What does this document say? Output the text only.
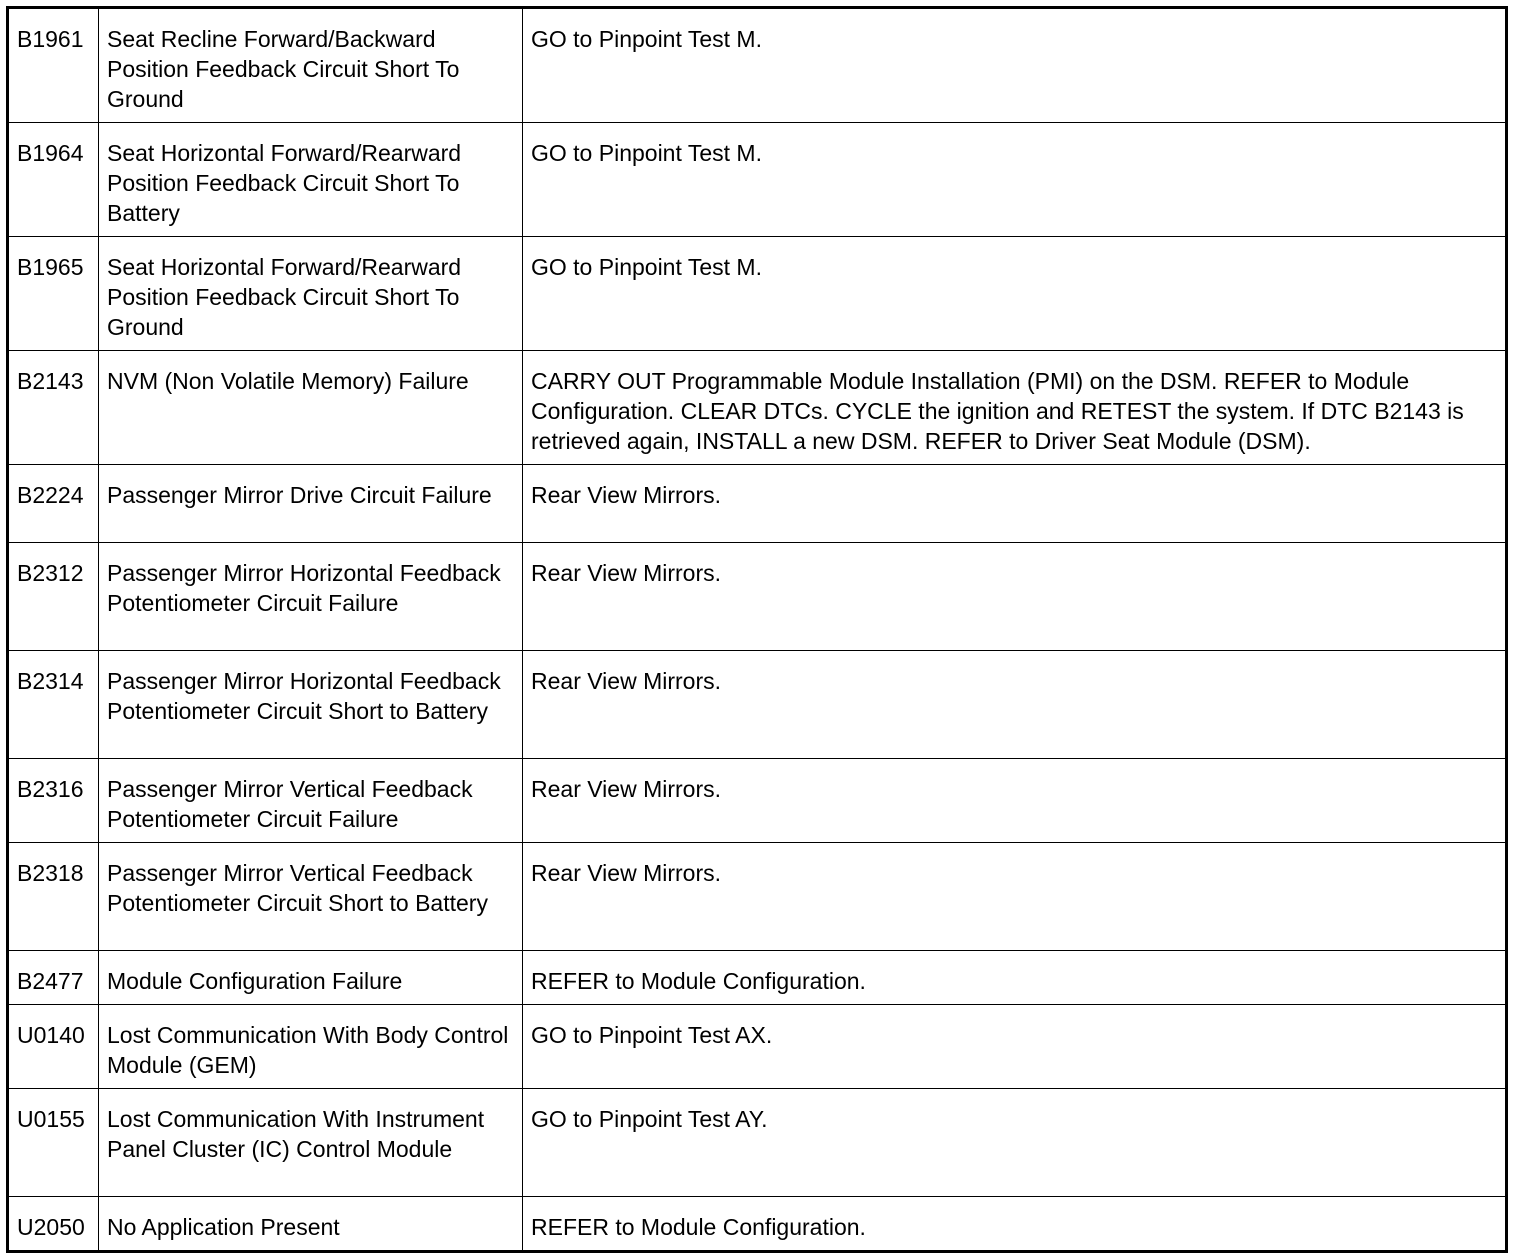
B1961	Seat Recline Forward/Backward Position Feedback Circuit Short To Ground	GO to Pinpoint Test M.
B1964	Seat Horizontal Forward/Rearward Position Feedback Circuit Short To Battery	GO to Pinpoint Test M.
B1965	Seat Horizontal Forward/Rearward Position Feedback Circuit Short To Ground	GO to Pinpoint Test M.
B2143	NVM (Non Volatile Memory) Failure	CARRY OUT Programmable Module Installation (PMI) on the DSM. REFER to Module Configuration. CLEAR DTCs. CYCLE the ignition and RETEST the system. If DTC B2143 is retrieved again, INSTALL a new DSM. REFER to Driver Seat Module (DSM).
B2224	Passenger Mirror Drive Circuit Failure	Rear View Mirrors.
B2312	Passenger Mirror Horizontal Feedback Potentiometer Circuit Failure	Rear View Mirrors.
B2314	Passenger Mirror Horizontal Feedback Potentiometer Circuit Short to Battery	Rear View Mirrors.
B2316	Passenger Mirror Vertical Feedback Potentiometer Circuit Failure	Rear View Mirrors.
B2318	Passenger Mirror Vertical Feedback Potentiometer Circuit Short to Battery	Rear View Mirrors.
B2477	Module Configuration Failure	REFER to Module Configuration.
U0140	Lost Communication With Body Control Module (GEM)	GO to Pinpoint Test AX.
U0155	Lost Communication With Instrument Panel Cluster (IC) Control Module	GO to Pinpoint Test AY.
U2050	No Application Present	REFER to Module Configuration.
